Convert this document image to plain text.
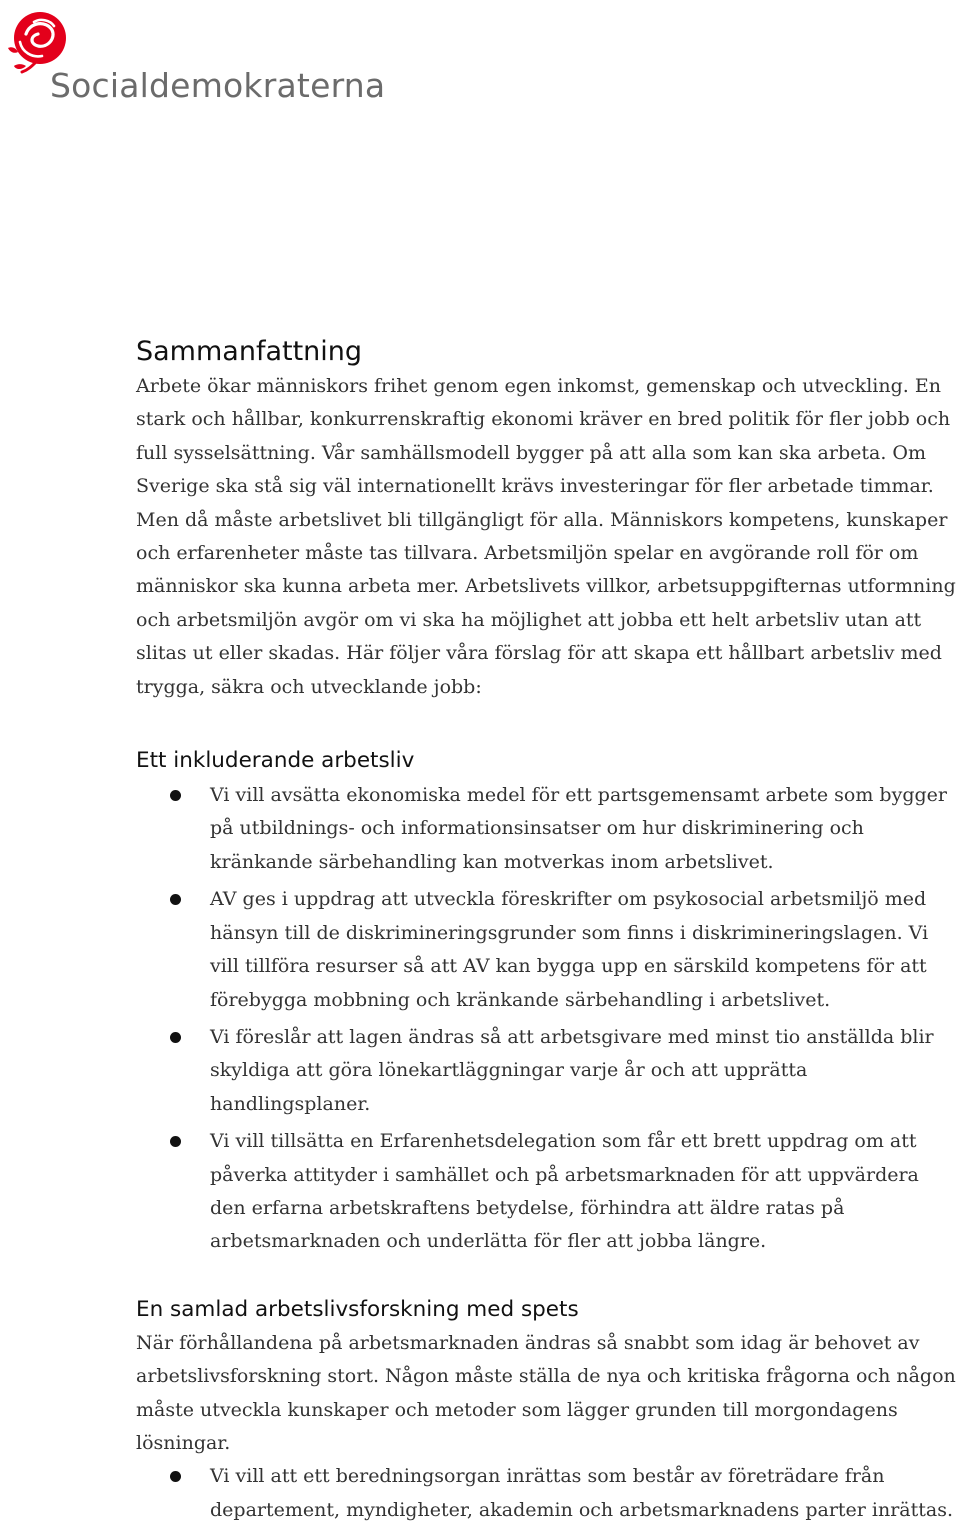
Socialdemokraterna
Sammanfattning

Arbete ökar människors frihet genom egen inkomst, gemenskap och utveckling. En stark och hållbar, konkurrenskraftig ekonomi kräver en bred politik för fler jobb och full sysselsättning. Vår samhällsmodell bygger på att alla som kan ska arbeta. Om Sverige ska stå sig väl internationellt krävs investeringar för fler arbetade timmar. Men då måste arbetslivet bli tillgängligt för alla. Människors kompetens, kunskaper och erfarenheter måste tas tillvara. Arbetsmiljön spelar en avgörande roll för om människor ska kunna arbeta mer. Arbetslivets villkor, arbetsuppgifternas utformning och arbetsmiljön avgör om vi ska ha möjlighet att jobba ett helt arbetsliv utan att slitas ut eller skadas. Här följer våra förslag för att skapa ett hållbart arbetsliv med trygga, säkra och utvecklande jobb:

Ett inkluderande arbetsliv
Vi vill avsätta ekonomiska medel för ett partsgemensamt arbete som bygger på utbildnings- och informationsinsatser om hur diskriminering och kränkande särbehandling kan motverkas inom arbetslivet.
AV ges i uppdrag att utveckla föreskrifter om psykosocial arbetsmiljö med hänsyn till de diskrimineringsgrunder som finns i diskrimineringslagen. Vi vill tillföra resurser så att AV kan bygga upp en särskild kompetens för att förebygga mobbning och kränkande särbehandling i arbetslivet.
Vi föreslår att lagen ändras så att arbetsgivare med minst tio anställda blir skyldiga att göra lönekartläggningar varje år och att upprätta handlingsplaner.
Vi vill tillsätta en Erfarenhetsdelegation som får ett brett uppdrag om att påverka attityder i samhället och på arbetsmarknaden för att uppvärdera den erfarna arbetskraftens betydelse, förhindra att äldre ratas på arbetsmarknaden och underlätta för fler att jobba längre.
En samlad arbetslivsforskning med spets

När förhållandena på arbetsmarknaden ändras så snabbt som idag är behovet av arbetslivsforskning stort. Någon måste ställa de nya och kritiska frågorna och någon måste utveckla kunskaper och metoder som lägger grunden till morgondagens lösningar.

Vi vill att ett beredningsorgan inrättas som består av företrädare från departement, myndigheter, akademin och arbetsmarknadens parter inrättas.
